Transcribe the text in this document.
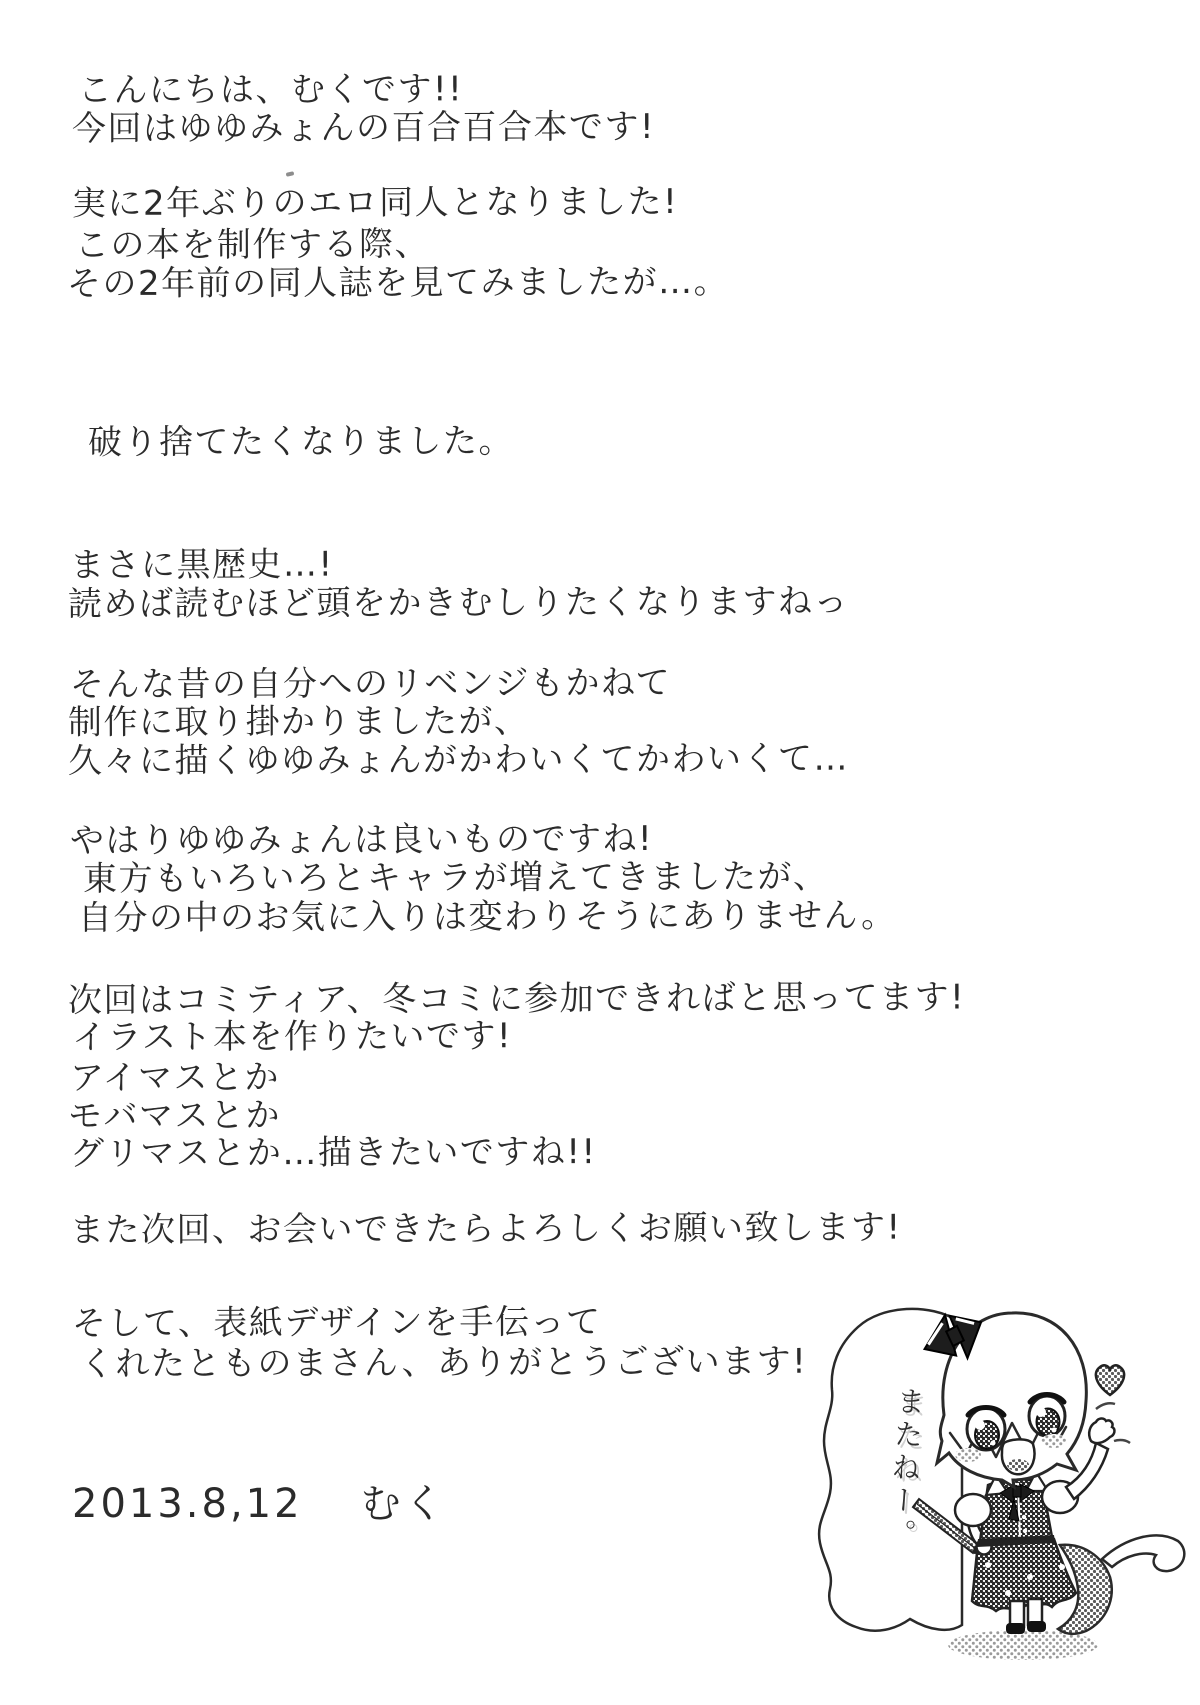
こんにちは、むくです!!
今回はゆゆみょんの百合百合本です!
実に2年ぶりのエロ同人となりました!
この本を制作する際、
その2年前の同人誌を見てみましたが…。
破り捨てたくなりました。
まさに黒歴史…!
読めば読むほど頭をかきむしりたくなりますねっ
そんな昔の自分へのリベンジもかねて
制作に取り掛かりましたが、
久々に描くゆゆみょんがかわいくてかわいくて…
やはりゆゆみょんは良いものですね!
東方もいろいろとキャラが増えてきましたが、
自分の中のお気に入りは変わりそうにありません。
次回はコミティア、冬コミに参加できればと思ってます!
イラスト本を作りたいです!
アイマスとか
モバマスとか
グリマスとか…描きたいですね!!
また次回、お会いできたらよろしくお願い致します!
そして、表紙デザインを手伝って
くれたとものまさん、ありがとうございます!
2013.8,12 むく	またねー。
